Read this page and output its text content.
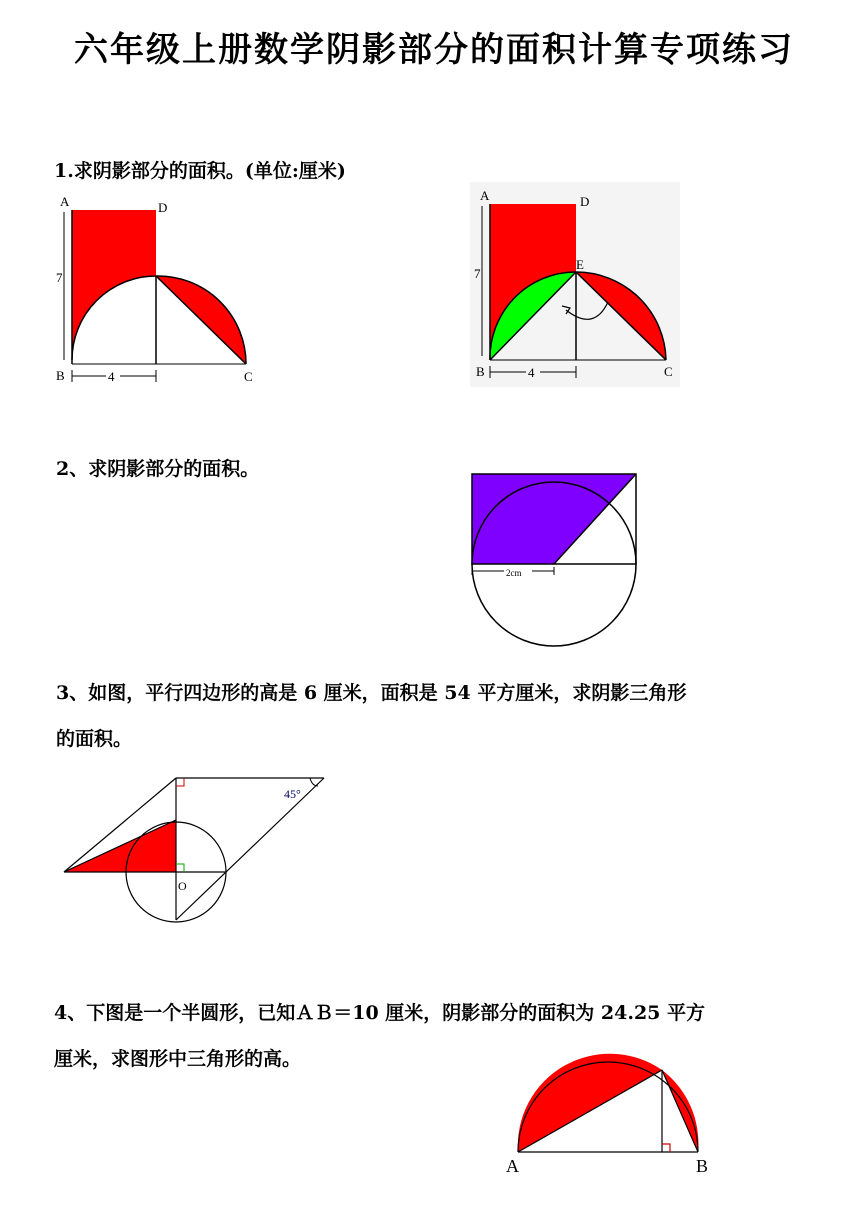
六年级上册数学阴影部分的面积计算专项练习
1.求阴影部分的面积。(单位:厘米)
A	D
7
B	4	C
A	D
E
7
B	4	C
2、求阴影部分的面积。
2cm
3、如图，平行四边形的高是 6 厘米，面积是 54 平方厘米，求阴影三角形
的面积。
45°
O
4、下图是一个半圆形，已知ＡＢ＝10 厘米，阴影部分的面积为 24.25 平方
厘米，求图形中三角形的高。
A	B
